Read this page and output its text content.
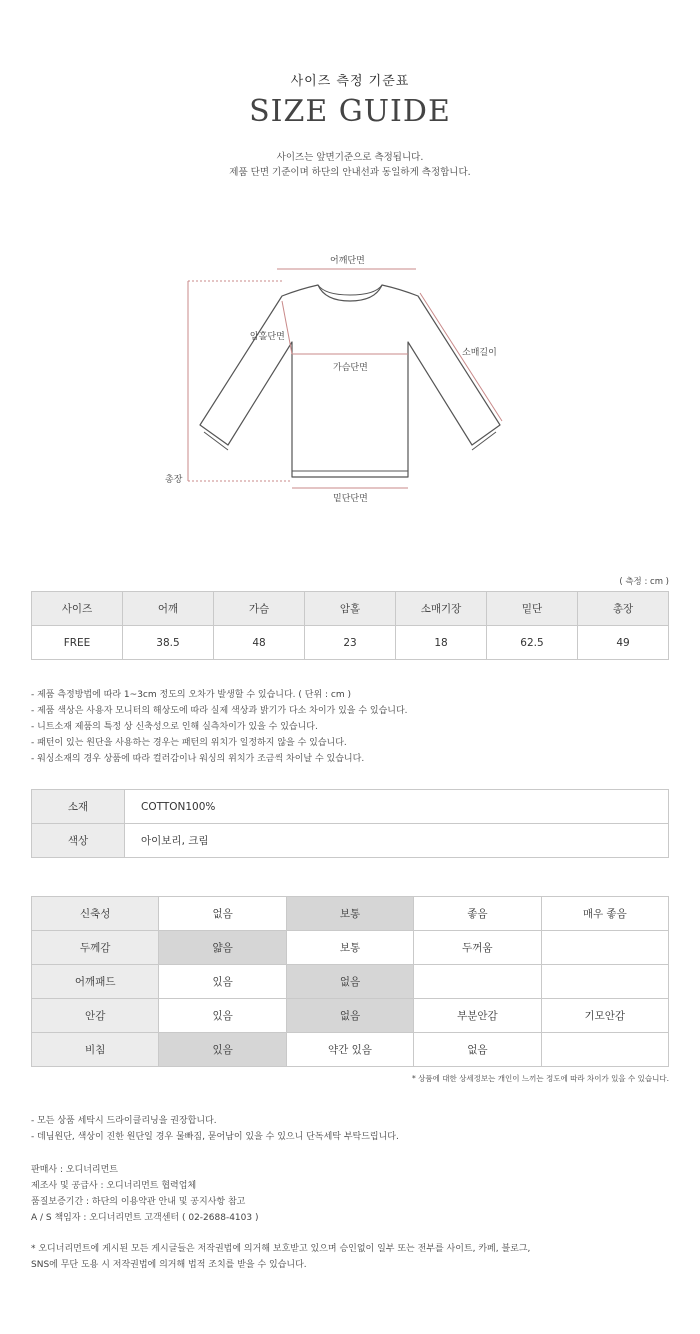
사이즈 측정 기준표
SIZE GUIDE
사이즈는 앞면기준으로 측정됩니다.
제품 단면 기준이며 하단의 안내선과 동일하게 측정합니다.
어깨단면
암홀단면
소매길이
가슴단면
총장
밑단단면
( 측정 : cm )
사이즈	어깨	가슴	암홀	소매기장	밑단	총장
FREE	38.5	48	23	18	62.5	49
- 제품 측정방법에 따라 1~3cm 정도의 오차가 발생할 수 있습니다. ( 단위 : cm )
- 제품 색상은 사용자 모니터의 해상도에 따라 실제 색상과 밝기가 다소 차이가 있을 수 있습니다.
- 니트소재 제품의 특정 상 신축성으로 인해 실측차이가 있을 수 있습니다.
- 패턴이 있는 원단을 사용하는 경우는 패턴의 위치가 일정하지 않을 수 있습니다.
- 워싱소재의 경우 상품에 따라 컬러감이나 워싱의 위치가 조금씩 차이날 수 있습니다.
소재	COTTON100%
색상	아이보리, 크림
신축성	없음	보통	좋음	매우 좋음
두께감	얇음	보통	두꺼움	
어깨패드	있음	없음		
안감	있음	없음	부분안감	기모안감
비침	있음	약간 있음	없음	
* 상품에 대한 상세정보는 개인이 느끼는 정도에 따라 차이가 있을 수 있습니다.
- 모든 상품 세탁시 드라이클리닝을 권장합니다.
- 데님원단, 색상이 진한 원단일 경우 물빠짐, 묻어남이 있을 수 있으니 단독세탁 부탁드립니다.
판매사 : 오디너리먼트
제조사 및 공급사 : 오디너리먼트 협력업체
품질보증기간 : 하단의 이용약관 안내 및 공지사항 참고
A / S 책임자 : 오디너리먼트 고객센터 ( 02-2688-4103 )
* 오디너리먼트에 게시된 모든 게시글들은 저작권법에 의거해 보호받고 있으며 승인없이 일부 또는 전부를 사이트, 카페, 블로그,
SNS에 무단 도용 시 저작권법에 의거해 법적 조치를 받을 수 있습니다.
